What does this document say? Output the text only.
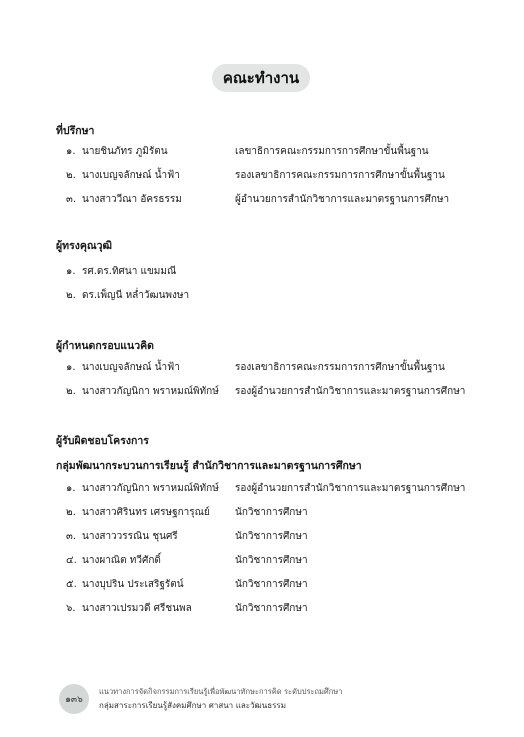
คณะทำงาน
ที่ปรึกษา
๑. นายชินภัทร ภูมิรัตน	เลขาธิการคณะกรรมการการศึกษาขั้นพื้นฐาน
๒. นางเบญจลักษณ์ น้ำฟ้า	รองเลขาธิการคณะกรรมการการศึกษาขั้นพื้นฐาน
๓. นางสาววีณา อัครธรรม	ผู้อำนวยการสำนักวิชาการและมาตรฐานการศึกษา
ผู้ทรงคุณวุฒิ
๑. รศ.ดร.ทิศนา แขมมณี
๒. ดร.เพ็ญนี หล่ำวัฒนพงษา
ผู้กำหนดกรอบแนวคิด
๑. นางเบญจลักษณ์ น้ำฟ้า	รองเลขาธิการคณะกรรมการการศึกษาขั้นพื้นฐาน
๒. นางสาวกัญนิกา พราหมณ์พิทักษ์ รองผู้อำนวยการสำนักวิชาการและมาตรฐานการศึกษา
ผู้รับผิดชอบโครงการ
กลุ่มพัฒนากระบวนการเรียนรู้ สำนักวิชาการและมาตรฐานการศึกษา
๑. นางสาวกัญนิกา พราหมณ์พิทักษ์ รองผู้อำนวยการสำนักวิชาการและมาตรฐานการศึกษา
๒. นางสาวศิรินทร เศรษฐการุณย์	นักวิชาการศึกษา
๓. นางสาววรรณิน ชุนศรี	นักวิชาการศึกษา
๔. นางผาณิต ทวีศักดิ์	นักวิชาการศึกษา
๕. นางบุปริน ประเสริฐรัตน์	นักวิชาการศึกษา
๖. นางสาวเปรมวดี ศรีชนพล	นักวิชาการศึกษา
๑๓๖
แนวทางการจัดกิจกรรมการเรียนรู้เพื่อพัฒนาทักษะการคิด ระดับประถมศึกษา
กลุ่มสาระการเรียนรู้สังคมศึกษา ศาสนา และวัฒนธรรม
